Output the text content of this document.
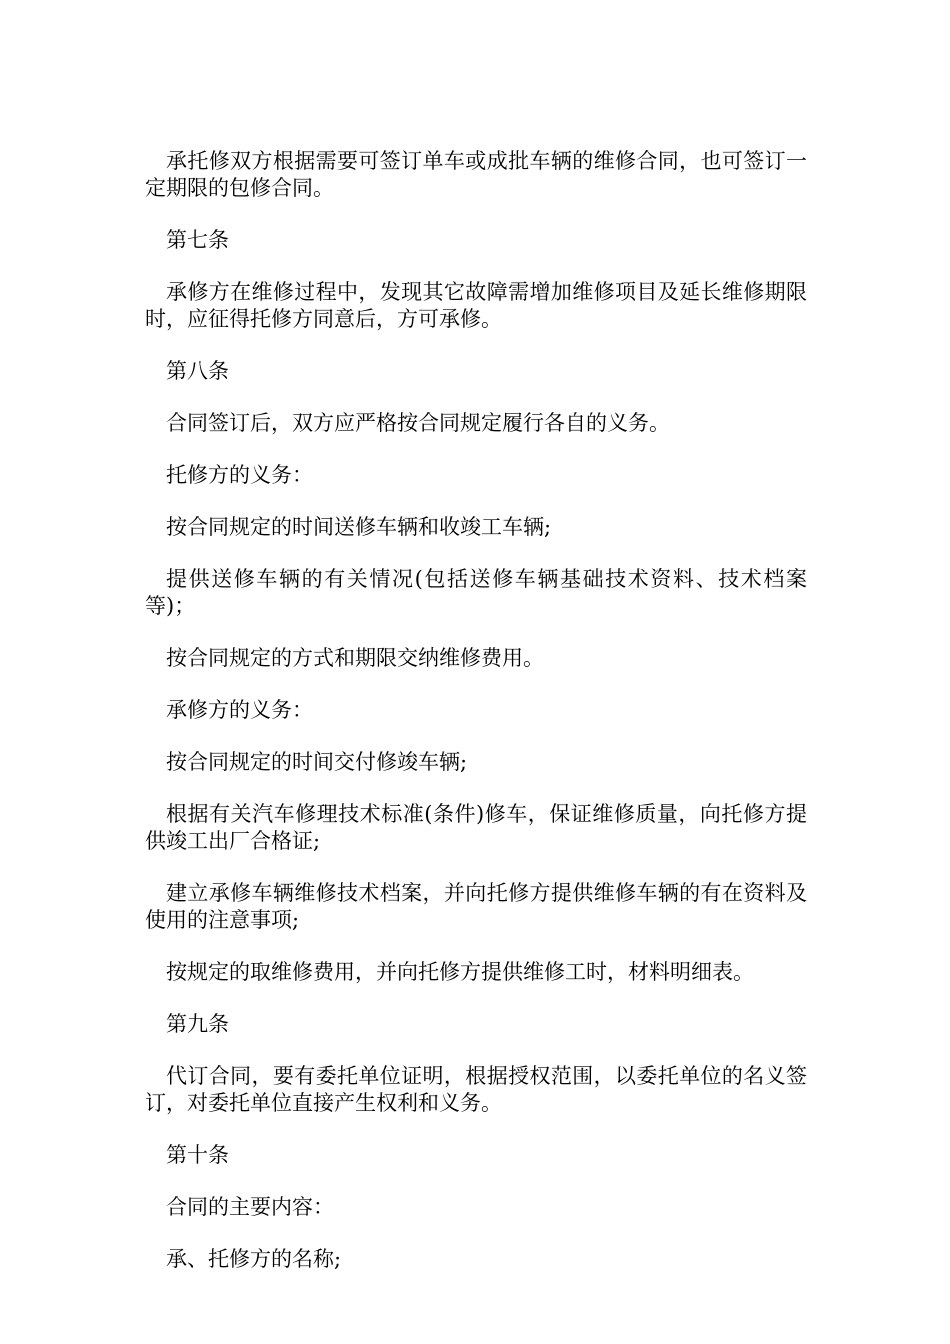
承托修双方根据需要可签订单车或成批车辆的维修合同，也可签订一定期限的包修合同。

第七条

承修方在维修过程中，发现其它故障需增加维修项目及延长维修期限时，应征得托修方同意后，方可承修。

第八条

合同签订后，双方应严格按合同规定履行各自的义务。

托修方的义务：

按合同规定的时间送修车辆和收竣工车辆;

提供送修车辆的有关情况(包括送修车辆基础技术资料、技术档案等)；

按合同规定的方式和期限交纳维修费用。

承修方的义务：

按合同规定的时间交付修竣车辆;

根据有关汽车修理技术标准(条件)修车，保证维修质量，向托修方提供竣工出厂合格证;

建立承修车辆维修技术档案，并向托修方提供维修车辆的有在资料及使用的注意事项;

按规定的取维修费用，并向托修方提供维修工时，材料明细表。

第九条

代订合同，要有委托单位证明，根据授权范围，以委托单位的名义签订，对委托单位直接产生权利和义务。

第十条

合同的主要内容：

承、托修方的名称;
